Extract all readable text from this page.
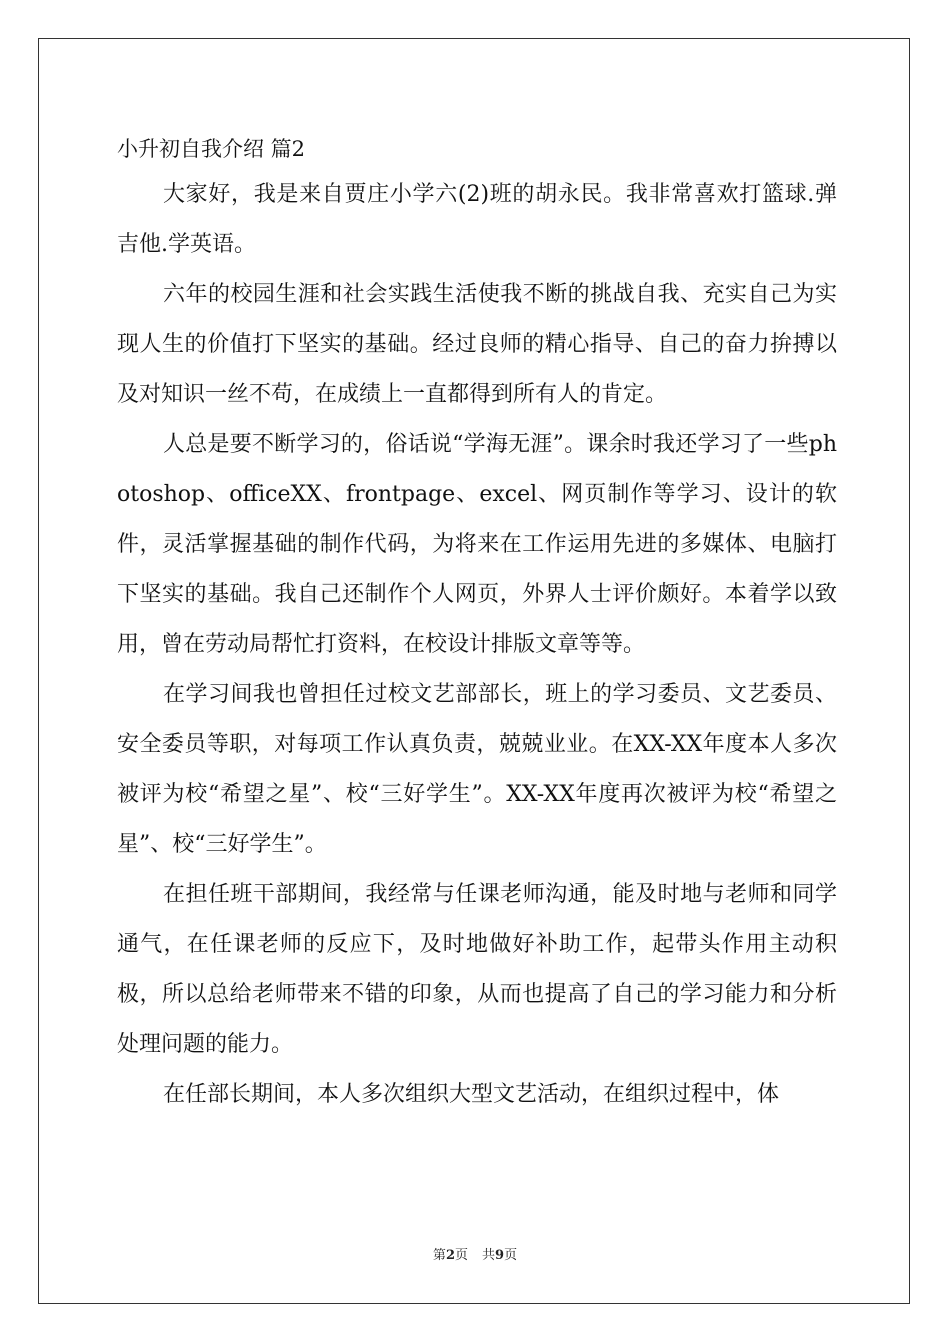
小升初自我介绍 篇2

大家好，我是来自贾庄小学六(2)班的胡永民。我非常喜欢打篮球.弹吉他.学英语。

六年的校园生涯和社会实践生活使我不断的挑战自我、充实自己为实现人生的价值打下坚实的基础。经过良师的精心指导、自己的奋力拚搏以及对知识一丝不苟，在成绩上一直都得到所有人的肯定。

人总是要不断学习的，俗话说“学海无涯”。课余时我还学习了一些photoshop、officeXX、frontpage、excel、网页制作等学习、设计的软件，灵活掌握基础的制作代码，为将来在工作运用先进的多媒体、电脑打下坚实的基础。我自己还制作个人网页，外界人士评价颇好。本着学以致用，曾在劳动局帮忙打资料，在校设计排版文章等等。

在学习间我也曾担任过校文艺部部长，班上的学习委员、文艺委员、安全委员等职，对每项工作认真负责，兢兢业业。在XX-XX年度本人多次被评为校“希望之星”、校“三好学生”。XX-XX年度再次被评为校“希望之星”、校“三好学生”。

在担任班干部期间，我经常与任课老师沟通，能及时地与老师和同学通气，在任课老师的反应下，及时地做好补助工作，起带头作用主动积极，所以总给老师带来不错的印象，从而也提高了自己的学习能力和分析处理问题的能力。

在任部长期间，本人多次组织大型文艺活动，在组织过程中，体

第2页 共9页
